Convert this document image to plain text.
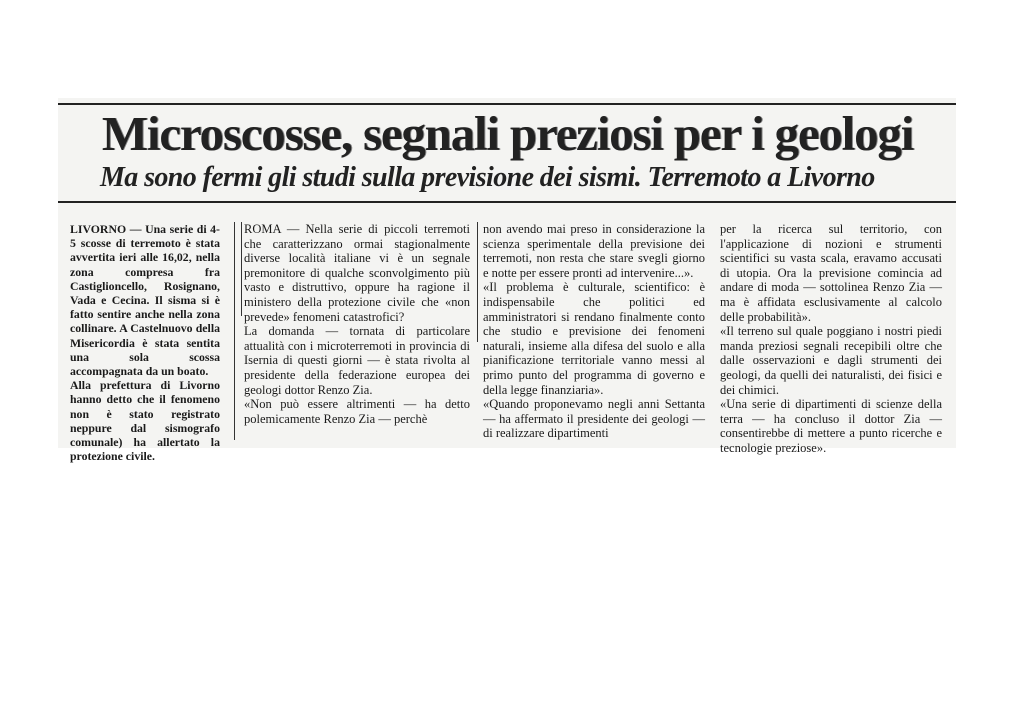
Microscosse, segnali preziosi per i geologi
Ma sono fermi gli studi sulla previsione dei sismi. Terremoto a Livorno

LIVORNO — Una serie di 4-5 scosse di terremoto è stata avvertita ieri alle 16,02, nella zona compresa fra Castiglioncello, Rosignano, Vada e Cecina. Il sisma si è fatto sentire anche nella zona collinare. A Castelnuovo della Misericordia è stata sentita una sola scossa accompagnata da un boato.

Alla prefettura di Livorno hanno detto che il fenomeno non è stato registrato neppure dal sismografo comunale) ha allertato la protezione civile.

ROMA — Nella serie di piccoli terremoti che caratterizzano ormai stagionalmente diverse località italiane vi è un segnale premonitore di qualche sconvolgimento più vasto e distruttivo, oppure ha ragione il ministero della protezione civile che «non prevede» fenomeni catastrofici?

La domanda — tornata di particolare attualità con i microterremoti in provincia di Isernia di questi giorni — è stata rivolta al presidente della federazione europea dei geologi dottor Renzo Zia.

«Non può essere altrimenti — ha detto polemicamente Renzo Zia — perchè

non avendo mai preso in considerazione la scienza sperimentale della previsione dei terremoti, non resta che stare svegli giorno e notte per essere pronti ad intervenire...».

«Il problema è culturale, scientifico: è indispensabile che politici ed amministratori si rendano finalmente conto che studio e previsione dei fenomeni naturali, insieme alla difesa del suolo e alla pianificazione territoriale vanno messi al primo punto del programma di governo e della legge finanziaria».

«Quando proponevamo negli anni Settanta — ha affermato il presidente dei geologi — di realizzare dipartimenti

per la ricerca sul territorio, con l'applicazione di nozioni e strumenti scientifici su vasta scala, eravamo accusati di utopia. Ora la previsione comincia ad andare di moda — sottolinea Renzo Zia — ma è affidata esclusivamente al calcolo delle probabilità».

«Il terreno sul quale poggiano i nostri piedi manda preziosi segnali recepibili oltre che dalle osservazioni e dagli strumenti dei geologi, da quelli dei naturalisti, dei fisici e dei chimici.

«Una serie di dipartimenti di scienze della terra — ha concluso il dottor Zia — consentirebbe di mettere a punto ricerche e tecnologie preziose».
